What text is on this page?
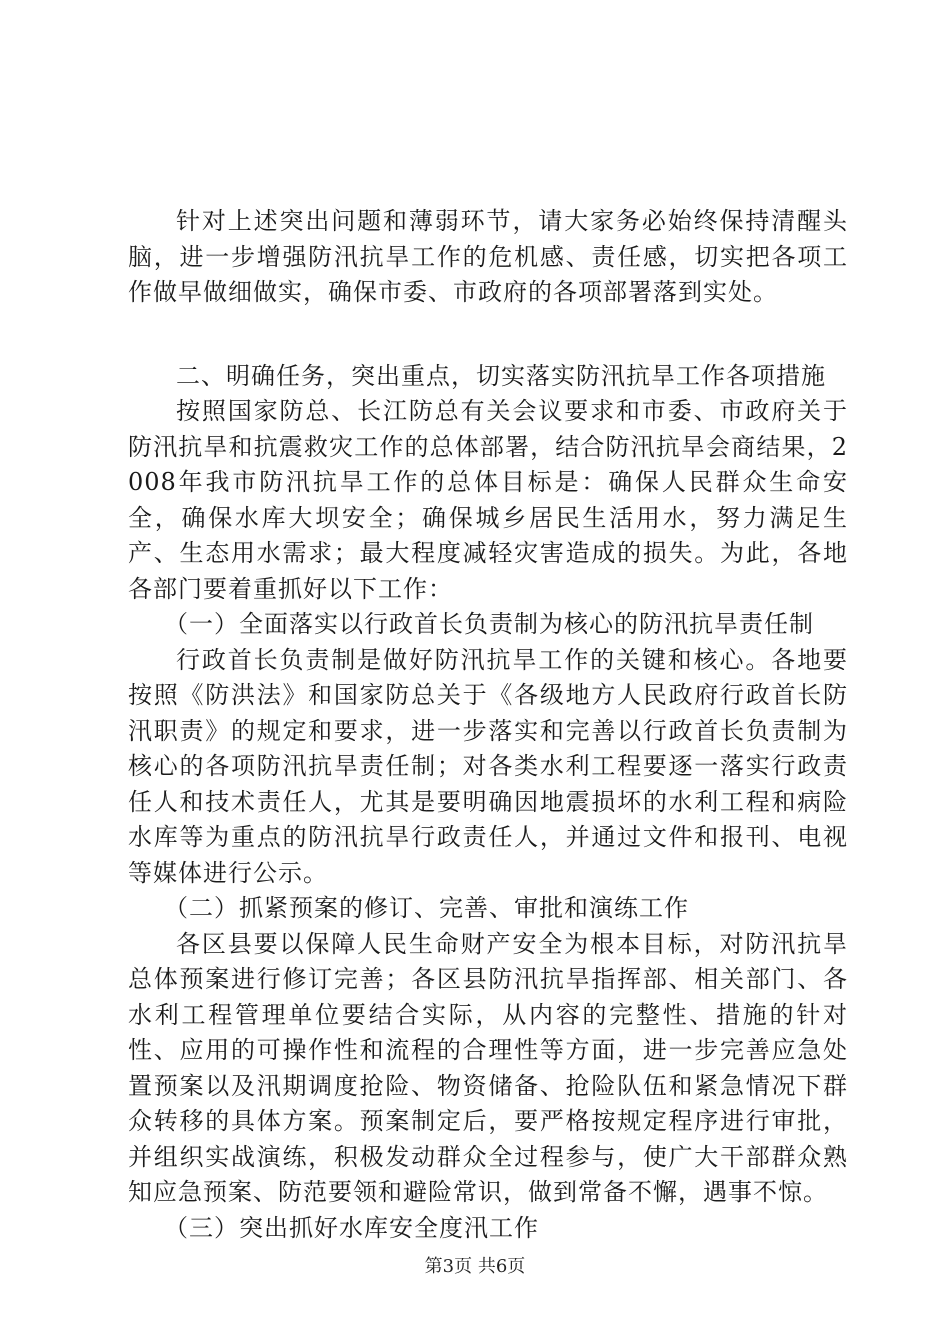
针对上述突出问题和薄弱环节，请大家务必始终保持清醒头脑，进一步增强防汛抗旱工作的危机感、责任感，切实把各项工作做早做细做实，确保市委、市政府的各项部署落到实处。

二、明确任务，突出重点，切实落实防汛抗旱工作各项措施

按照国家防总、长江防总有关会议要求和市委、市政府关于防汛抗旱和抗震救灾工作的总体部署，结合防汛抗旱会商结果，2008年我市防汛抗旱工作的总体目标是：确保人民群众生命安全，确保水库大坝安全；确保城乡居民生活用水，努力满足生产、生态用水需求；最大程度减轻灾害造成的损失。为此，各地各部门要着重抓好以下工作：

（一）全面落实以行政首长负责制为核心的防汛抗旱责任制

行政首长负责制是做好防汛抗旱工作的关键和核心。各地要按照《防洪法》和国家防总关于《各级地方人民政府行政首长防汛职责》的规定和要求，进一步落实和完善以行政首长负责制为核心的各项防汛抗旱责任制；对各类水利工程要逐一落实行政责任人和技术责任人，尤其是要明确因地震损坏的水利工程和病险水库等为重点的防汛抗旱行政责任人，并通过文件和报刊、电视等媒体进行公示。

（二）抓紧预案的修订、完善、审批和演练工作

各区县要以保障人民生命财产安全为根本目标，对防汛抗旱总体预案进行修订完善；各区县防汛抗旱指挥部、相关部门、各水利工程管理单位要结合实际，从内容的完整性、措施的针对性、应用的可操作性和流程的合理性等方面，进一步完善应急处置预案以及汛期调度抢险、物资储备、抢险队伍和紧急情况下群众转移的具体方案。预案制定后，要严格按规定程序进行审批，并组织实战演练，积极发动群众全过程参与，使广大干部群众熟知应急预案、防范要领和避险常识，做到常备不懈，遇事不惊。

（三）突出抓好水库安全度汛工作

第3页 共6页
